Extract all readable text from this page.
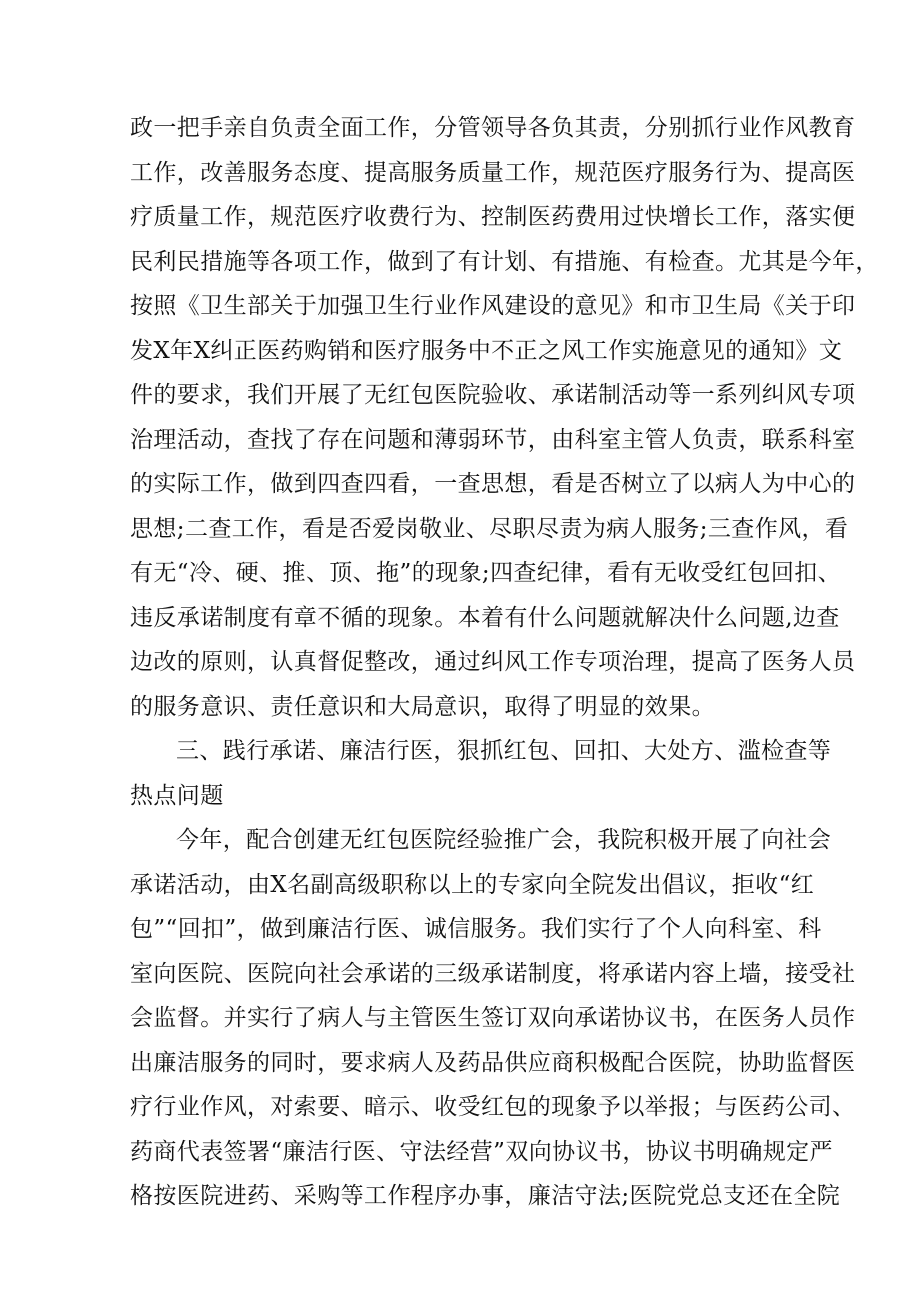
政一把手亲自负责全面工作，分管领导各负其责，分别抓行业作风教育
工作，改善服务态度、提高服务质量工作，规范医疗服务行为、提高医
疗质量工作，规范医疗收费行为、控制医药费用过快增长工作，落实便
民利民措施等各项工作，做到了有计划、有措施、有检查。尤其是今年，
按照《卫生部关于加强卫生行业作风建设的意见》和市卫生局《关于印
发X年X纠正医药购销和医疗服务中不正之风工作实施意见的通知》文
件的要求，我们开展了无红包医院验收、承诺制活动等一系列纠风专项
治理活动，查找了存在问题和薄弱环节，由科室主管人负责，联系科室
的实际工作，做到四查四看，一查思想，看是否树立了以病人为中心的
思想;二查工作，看是否爱岗敬业、尽职尽责为病人服务;三查作风，看
有无“冷、硬、推、顶、拖”的现象;四查纪律，看有无收受红包回扣、
违反承诺制度有章不循的现象。本着有什么问题就解决什么问题,边查
边改的原则，认真督促整改，通过纠风工作专项治理，提高了医务人员
的服务意识、责任意识和大局意识，取得了明显的效果。
三、践行承诺、廉洁行医，狠抓红包、回扣、大处方、滥检查等
热点问题
今年，配合创建无红包医院经验推广会，我院积极开展了向社会
承诺活动，由X名副高级职称以上的专家向全院发出倡议，拒收“红
包”“回扣”，做到廉洁行医、诚信服务。我们实行了个人向科室、科
室向医院、医院向社会承诺的三级承诺制度，将承诺内容上墙，接受社
会监督。并实行了病人与主管医生签订双向承诺协议书，在医务人员作
出廉洁服务的同时，要求病人及药品供应商积极配合医院，协助监督医
疗行业作风，对索要、暗示、收受红包的现象予以举报；与医药公司、
药商代表签署“廉洁行医、守法经营”双向协议书，协议书明确规定严
格按医院进药、采购等工作程序办事，廉洁守法;医院党总支还在全院
